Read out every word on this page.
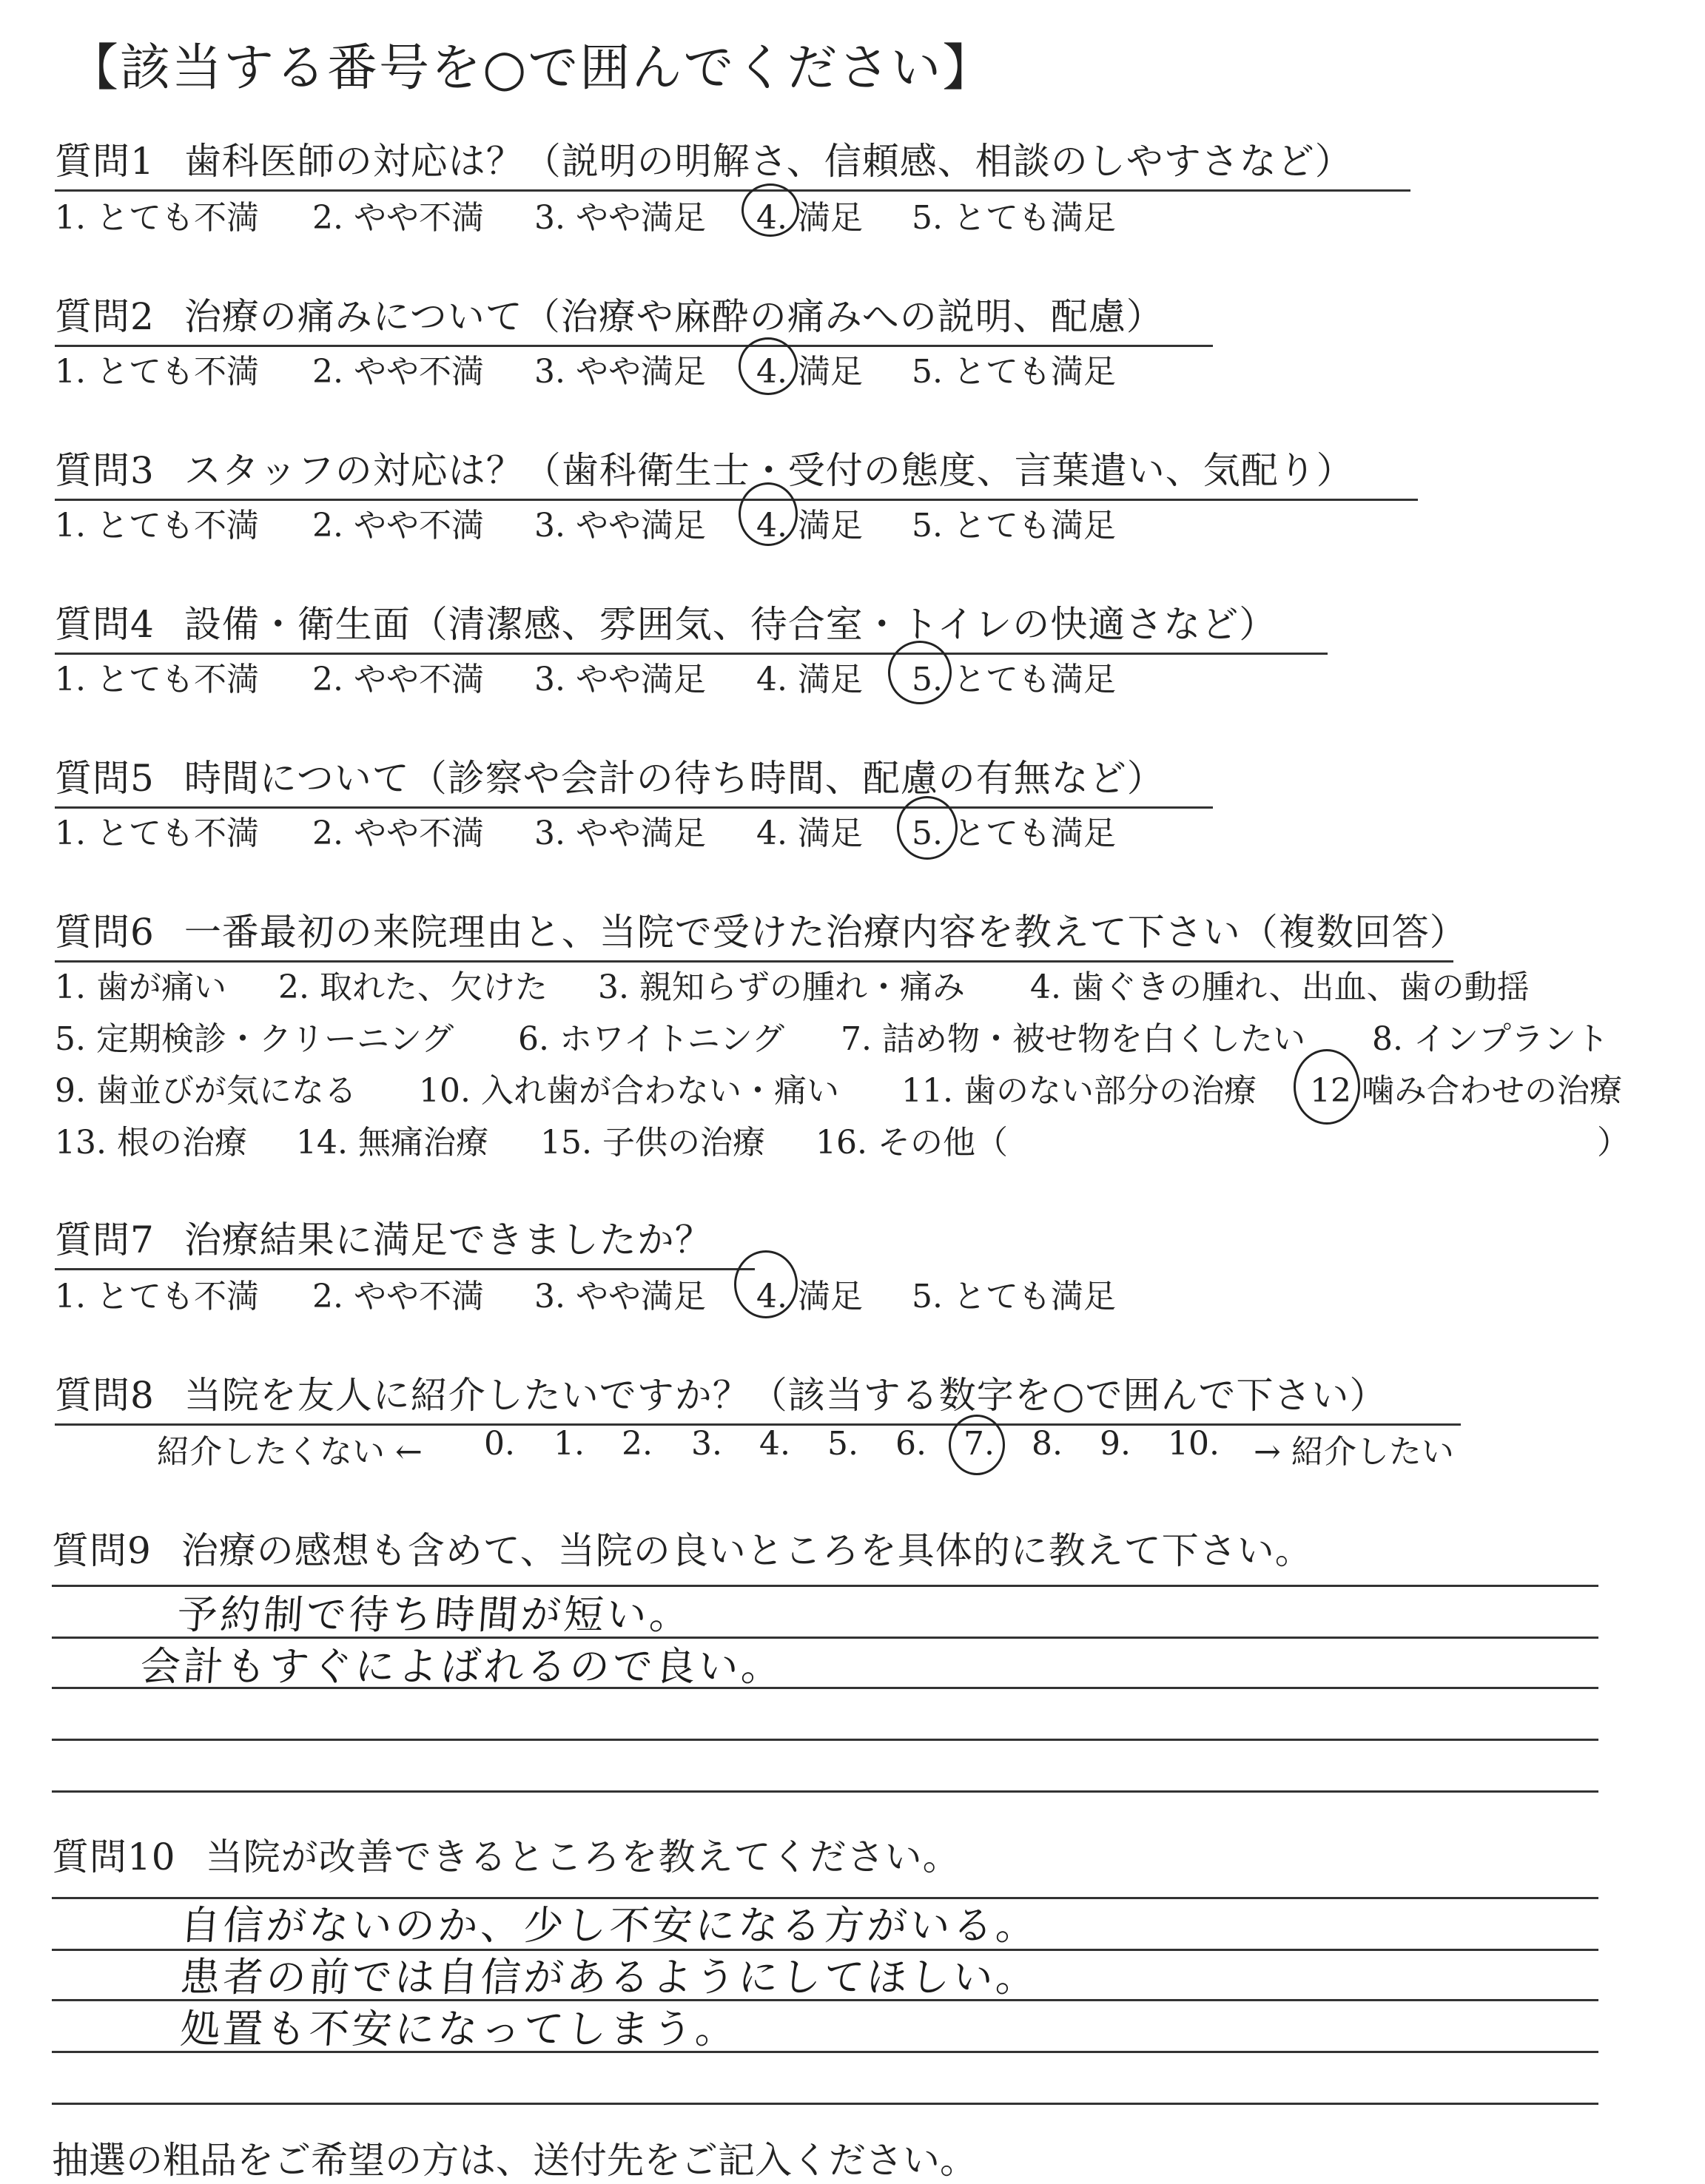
【該当する番号を○で囲んでください】
質問1 歯科医師の対応は？（説明の明解さ、信頼感、相談のしやすさなど）
1. とても不満 2. やや不満 3. やや満足 4. 満足 5. とても満足
質問2 治療の痛みについて（治療や麻酔の痛みへの説明、配慮）
1. とても不満 2. やや不満 3. やや満足 4. 満足 5. とても満足
質問3 スタッフの対応は？（歯科衛生士・受付の態度、言葉遣い、気配り）
1. とても不満 2. やや不満 3. やや満足 4. 満足 5. とても満足
質問4 設備・衛生面（清潔感、雰囲気、待合室・トイレの快適さなど）
1. とても不満 2. やや不満 3. やや満足 4. 満足 5. とても満足
質問5 時間について（診察や会計の待ち時間、配慮の有無など）
1. とても不満 2. やや不満 3. やや満足 4. 満足 5. とても満足
質問6 一番最初の来院理由と、当院で受けた治療内容を教えて下さい（複数回答）
1. 歯が痛い 2. 取れた、欠けた 3. 親知らずの腫れ・痛み 4. 歯ぐきの腫れ、出血、歯の動揺
5. 定期検診・クリーニング 6. ホワイトニング 7. 詰め物・被せ物を白くしたい 8. インプラント
9. 歯並びが気になる 10. 入れ歯が合わない・痛い 11. 歯のない部分の治療 12 噛み合わせの治療
13. 根の治療 14. 無痛治療 15. 子供の治療 16. その他（	）
質問7 治療結果に満足できましたか？
1. とても不満 2. やや不満 3. やや満足 4. 満足 5. とても満足
質問8 当院を友人に紹介したいですか？（該当する数字を○で囲んで下さい）
紹介したくない ← 0. 1. 2. 3. 4. 5. 6. 7. 8. 9. 10. → 紹介したい
質問9 治療の感想も含めて、当院の良いところを具体的に教えて下さい。
予約制で待ち時間が短い。
会計もすぐによばれるので良い。
質問10 当院が改善できるところを教えてください。
自信がないのか、少し不安になる方がいる。
患者の前では自信があるようにしてほしい。
処置も不安になってしまう。
抽選の粗品をご希望の方は、送付先をご記入ください。
